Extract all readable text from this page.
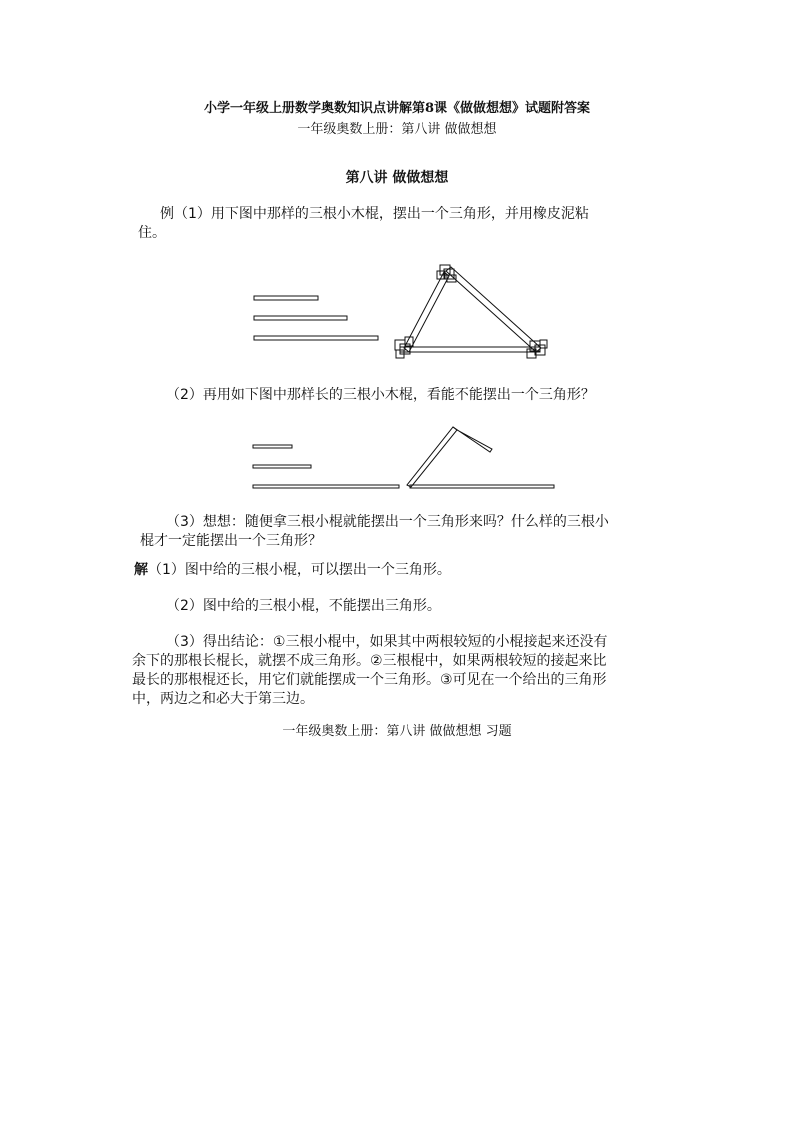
小学一年级上册数学奥数知识点讲解第8课《做做想想》试题附答案
一年级奥数上册：第八讲 做做想想
第八讲 做做想想
例（1）用下图中那样的三根小木棍，摆出一个三角形，并用橡皮泥粘
住。
（2）再用如下图中那样长的三根小木棍，看能不能摆出一个三角形？
（3）想想：随便拿三根小棍就能摆出一个三角形来吗？什么样的三根小
棍才一定能摆出一个三角形？
解（1）图中给的三根小棍，可以摆出一个三角形。
（2）图中给的三根小棍，不能摆出三角形。
（3）得出结论：①三根小棍中，如果其中两根较短的小棍接起来还没有
余下的那根长棍长，就摆不成三角形。②三根棍中，如果两根较短的接起来比
最长的那根棍还长，用它们就能摆成一个三角形。③可见在一个给出的三角形
中，两边之和必大于第三边。
一年级奥数上册：第八讲 做做想想 习题
